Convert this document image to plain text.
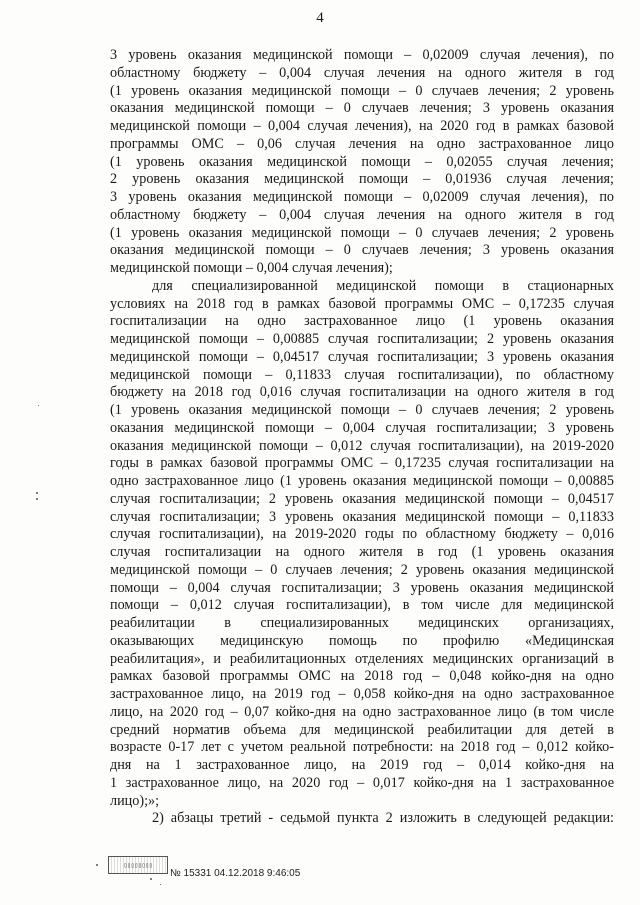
4
3 уровень оказания медицинской помощи – 0,02009 случая лечения), по
областному бюджету – 0,004 случая лечения на одного жителя в год
(1 уровень оказания медицинской помощи – 0 случаев лечения; 2 уровень
оказания медицинской помощи – 0 случаев лечения; 3 уровень оказания
медицинской помощи – 0,004 случая лечения), на 2020 год в рамках базовой
программы ОМС – 0,06 случая лечения на одно застрахованное лицо
(1 уровень оказания медицинской помощи – 0,02055 случая лечения;
2 уровень оказания медицинской помощи – 0,01936 случая лечения;
3 уровень оказания медицинской помощи – 0,02009 случая лечения), по
областному бюджету – 0,004 случая лечения на одного жителя в год
(1 уровень оказания медицинской помощи – 0 случаев лечения; 2 уровень
оказания медицинской помощи – 0 случаев лечения; 3 уровень оказания
медицинской помощи – 0,004 случая лечения);
для специализированной медицинской помощи в стационарных
условиях на 2018 год в рамках базовой программы ОМС – 0,17235 случая
госпитализации на одно застрахованное лицо (1 уровень оказания
медицинской помощи – 0,00885 случая госпитализации; 2 уровень оказания
медицинской помощи – 0,04517 случая госпитализации; 3 уровень оказания
медицинской помощи – 0,11833 случая госпитализации), по областному
бюджету на 2018 год 0,016 случая госпитализации на одного жителя в год
(1 уровень оказания медицинской помощи – 0 случаев лечения; 2 уровень
оказания медицинской помощи – 0,004 случая госпитализации; 3 уровень
оказания медицинской помощи – 0,012 случая госпитализации), на 2019-2020
годы в рамках базовой программы ОМС – 0,17235 случая госпитализации на
одно застрахованное лицо (1 уровень оказания медицинской помощи – 0,00885
случая госпитализации; 2 уровень оказания медицинской помощи – 0,04517
случая госпитализации; 3 уровень оказания медицинской помощи – 0,11833
случая госпитализации), на 2019-2020 годы по областному бюджету – 0,016
случая госпитализации на одного жителя в год (1 уровень оказания
медицинской помощи – 0 случаев лечения; 2 уровень оказания медицинской
помощи – 0,004 случая госпитализации; 3 уровень оказания медицинской
помощи – 0,012 случая госпитализации), в том числе для медицинской
реабилитации в специализированных медицинских организациях,
оказывающих медицинскую помощь по профилю «Медицинская
реабилитация», и реабилитационных отделениях медицинских организаций в
рамках базовой программы ОМС на 2018 год – 0,048 койко-дня на одно
застрахованное лицо, на 2019 год – 0,058 койко-дня на одно застрахованное
лицо, на 2020 год – 0,07 койко-дня на одно застрахованное лицо (в том числе
средний норматив объема для медицинской реабилитации для детей в
возрасте 0-17 лет с учетом реальной потребности: на 2018 год – 0,012 койко-
дня на 1 застрахованное лицо, на 2019 год – 0,014 койко-дня на
1 застрахованное лицо, на 2020 год – 0,017 койко-дня на 1 застрахованное
лицо);»;
2) абзацы третий - седьмой пункта 2 изложить в следующей редакции:
▯▯▯▯▯▯▯▯
№ 15331 04.12.2018 9:46:05
